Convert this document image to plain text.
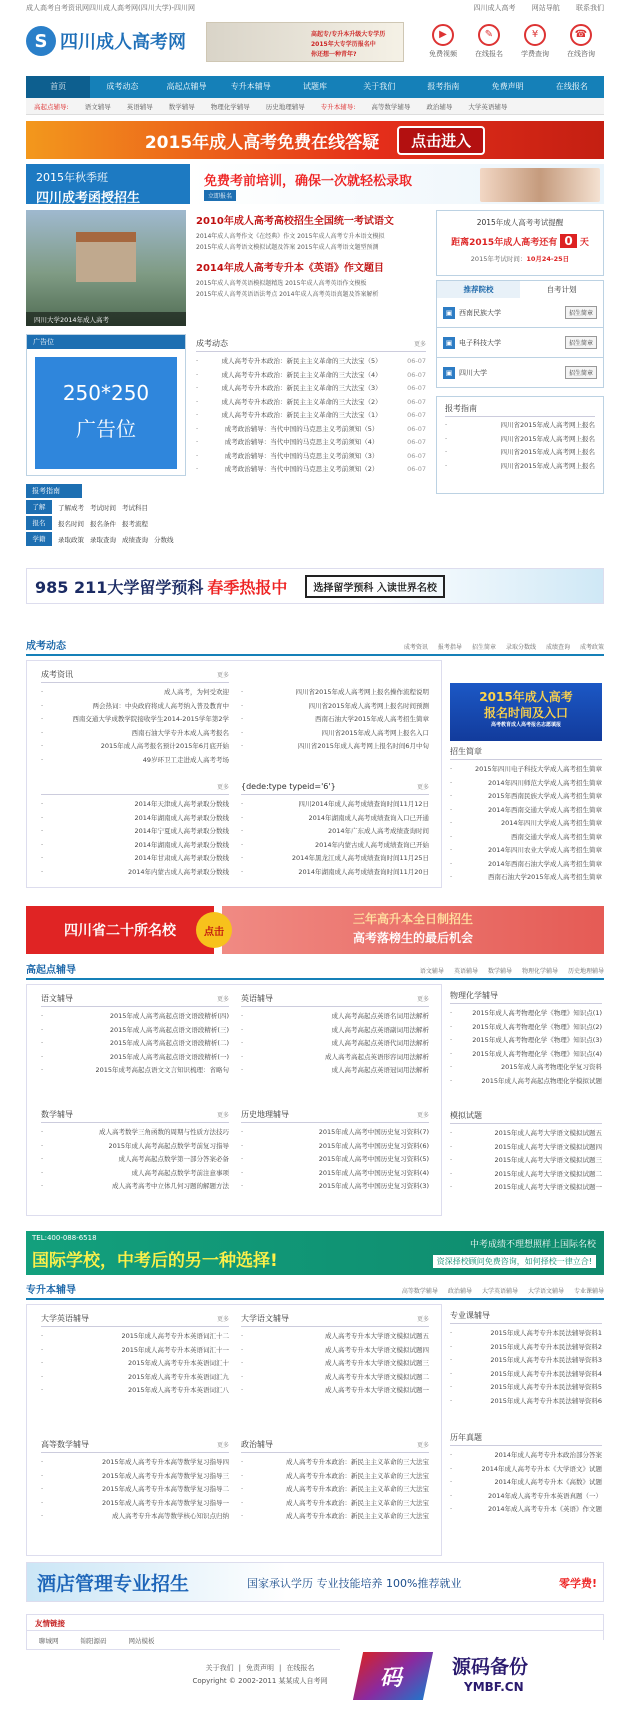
成人高考自考资讯网四川成人高考网(四川大学)-四川网	四川成人高考 网站导航 联系我们
S 四川成人高考网	高起专/专升本升级大专学历
2015年大专学历报名中
你还想一种青年?
▶
免费视频
✎
在线报名
¥
学费查询
☎
在线咨询
首页	成考动态	高起点辅导	专升本辅导	试题库	关于我们	报考指南	免费声明	在线报名
高起点辅导: 语文辅导 英语辅导 数学辅导 物理化学辅导 历史地理辅导 专升本辅导: 高等数学辅导 政治辅导 大学英语辅导
2015年成人高考免费在线答疑	点击进入
2015年秋季班
四川成考函授招生
免费考前培训，确保一次就轻松录取
立即报名
四川大学2014年成人高考
2010年成人高考高校招生全国统一考试语文
2014年成人高考作文《在经典》作文 2015年成人高考专升本语文模拟
2015年成人高考语文模拟试题及答案 2015年成人高考语文题型预测
2014年成人高考专升本《英语》作文题目
2015年成人高考英语模拟题精选 2015年成人高考英语作文模板
2015年成人高考英语语法考点 2014年成人高考英语真题及答案解析
成考动态	更多
· 成人高考专升本政治：新民主主义革命的三大法宝（5）	06-07
· 成人高考专升本政治：新民主主义革命的三大法宝（4）	06-07
· 成人高考专升本政治：新民主主义革命的三大法宝（3）	06-07
· 成人高考专升本政治：新民主主义革命的三大法宝（2）	06-07
· 成人高考专升本政治：新民主主义革命的三大法宝（1）	06-07
· 成考政治辅导：当代中国的马克思主义考前须知（5）	06-07
· 成考政治辅导：当代中国的马克思主义考前须知（4）	06-07
· 成考政治辅导：当代中国的马克思主义考前须知（3）	06-07
· 成考政治辅导：当代中国的马克思主义考前须知（2）	06-07
2015年成人高考考试提醒
距离2015年成人高考还有 0 天
2015年考试时间：10月24-25日
推荐院校	自考计划
▣ 西南民族大学	招生简章
▣ 电子科技大学	招生简章
▣ 四川大学	招生简章
报考指南
· 四川省2015年成人高考网上报名
· 四川省2015年成人高考网上报名
· 四川省2015年成人高考网上报名
· 四川省2015年成人高考网上报名
广告位
250*250
广告位
报考指南
了解	了解成考 考试时间 考试科目
报名	报名时间 报名条件 报考流程
学籍	录取政策 录取查询 成绩查询 分数线
985 211大学留学预科 春季热报中	选择留学预科 入读世界名校
成考动态	成考资讯 报考指导 招生简章 录取分数线 成绩查询 成考政策
成考资讯	更多
· 成人高考，为何受欢迎
· 两会热词：中央政府将成人高考纳入普及教育中
· 西南交通大学成教学院接收学生2014-2015学年第2学
· 西南石油大学专升本成人高考报名
· 2015年成人高考报名预计2015年6月底开始
· 49岁环卫工走进成人高考考场
· 四川省2015年成人高考网上报名操作流程说明
· 四川省2015年成人高考网上报名时间预测
· 西南石油大学2015年成人高考招生简章
· 四川省2015年成人高考网上报名入口
· 四川省2015年成人高考网上报名时间6月中旬
更多
· 2014年天津成人高考录取分数线
· 2014年湖南成人高考录取分数线
· 2014年宁夏成人高考录取分数线
· 2014年湖南成人高考录取分数线
· 2014年甘肃成人高考录取分数线
· 2014年内蒙古成人高考录取分数线
{dede:type typeid='6'}	更多
· 四川2014年成人高考成绩查询时间11月12日
· 2014年湖南成人高考成绩查询入口已开通
· 2014年广东成人高考成绩查询时间
· 2014年内蒙古成人高考成绩查询已开始
· 2014年黑龙江成人高考成绩查询时间11月25日
· 2014年湖南成人高考成绩查询时间11月20日
2015年成人高考
报名时间及入口
高考教育成人高考报名志愿填报
招生简章
· 2015年四川电子科技大学成人高考招生简章
· 2014年四川师范大学成人高考招生简章
· 2015年西南民族大学成人高考招生简章
· 2014年西南交通大学成人高考招生简章
· 2014年四川大学成人高考招生简章
· 西南交通大学成人高考招生简章
· 2014年四川农业大学成人高考招生简章
· 2014年西南石油大学成人高考招生简章
· 西南石油大学2015年成人高考招生简章
四川省二十所名校	点击
三年高升本全日制招生
高考落榜生的最后机会
高起点辅导	语文辅导 英语辅导 数学辅导 物理化学辅导 历史地理辅导
语文辅导	更多
· 2015年成人高考高起点语文语段精析(四)
· 2015年成人高考高起点语文语段精析(三)
· 2015年成人高考高起点语文语段精析(二)
· 2015年成人高考高起点语文语段精析(一)
· 2015年成考高起点语文文言知识梳理：省略句
英语辅导	更多
· 成人高考高起点英语名词用法解析
· 成人高考高起点英语副词用法解析
· 成人高考高起点英语代词用法解析
· 成人高考高起点英语形容词用法解析
· 成人高考高起点英语冠词用法解析
数学辅导	更多
· 成人高考数学三角函数的周期与性质方法技巧
· 2015年成人高考高起点数学考前复习指导
· 成人高考高起点数学第一部分答案必备
· 成人高考高起点数学考前注意事项
· 成人高考高考中立体几何习题的解题方法
历史地理辅导	更多
· 2015年成人高考中国历史复习资料(7)
· 2015年成人高考中国历史复习资料(6)
· 2015年成人高考中国历史复习资料(5)
· 2015年成人高考中国历史复习资料(4)
· 2015年成人高考中国历史复习资料(3)
物理化学辅导
· 2015年成人高考物理化学《物理》知识点(1)
· 2015年成人高考物理化学《物理》知识点(2)
· 2015年成人高考物理化学《物理》知识点(3)
· 2015年成人高考物理化学《物理》知识点(4)
· 2015年成人高考物理化学复习资料
· 2015年成人高考高起点物理化学模拟试题
模拟试题
· 2015年成人高考大学语文模拟试题五
· 2015年成人高考大学语文模拟试题四
· 2015年成人高考大学语文模拟试题三
· 2015年成人高考大学语文模拟试题二
· 2015年成人高考大学语文模拟试题一
TEL:400-088-6518
国际学校，中考后的另一种选择!
中考成绩不理想照样上国际名校
资深择校顾问免费咨询，如何择校一律立合!
专升本辅导	高等数学辅导 政治辅导 大学英语辅导 大学语文辅导 专业课辅导
大学英语辅导	更多
· 2015年成人高考专升本英语词汇十二
· 2015年成人高考专升本英语词汇十一
· 2015年成人高考专升本英语词汇十
· 2015年成人高考专升本英语词汇九
· 2015年成人高考专升本英语词汇八
大学语文辅导	更多
· 成人高考专升本大学语文模拟试题五
· 成人高考专升本大学语文模拟试题四
· 成人高考专升本大学语文模拟试题三
· 成人高考专升本大学语文模拟试题二
· 成人高考专升本大学语文模拟试题一
高等数学辅导	更多
· 2015年成人高考专升本高等数学复习指导四
· 2015年成人高考专升本高等数学复习指导三
· 2015年成人高考专升本高等数学复习指导二
· 2015年成人高考专升本高等数学复习指导一
· 成人高考专升本高等数学核心知识点归纳
政治辅导	更多
· 成人高考专升本政治：新民主主义革命的三大法宝
· 成人高考专升本政治：新民主主义革命的三大法宝
· 成人高考专升本政治：新民主主义革命的三大法宝
· 成人高考专升本政治：新民主主义革命的三大法宝
· 成人高考专升本政治：新民主主义革命的三大法宝
专业课辅导
· 2015年成人高考专升本民法辅导资料1
· 2015年成人高考专升本民法辅导资料2
· 2015年成人高考专升本民法辅导资料3
· 2015年成人高考专升本民法辅导资料4
· 2015年成人高考专升本民法辅导资料5
· 2015年成人高考专升本民法辅导资料6
历年真题
· 2014年成人高考专升本政治部分答案
· 2014年成人高考专升本《大学语文》试题
· 2014年成人高考专升本《高数》试题
· 2014年成人高考专升本英语真题（一）
· 2014年成人高考专升本《英语》作文题
酒店管理专业招生	国家承认学历 专业技能培养 100%推荐就业	零学费!
友情链接
聊城网	锦阳源码	网站模板
关于我们 | 免责声明 | 在线报名
Copyright © 2002-2011 某某成人自考网	码	源码备份
YMBF.CN
